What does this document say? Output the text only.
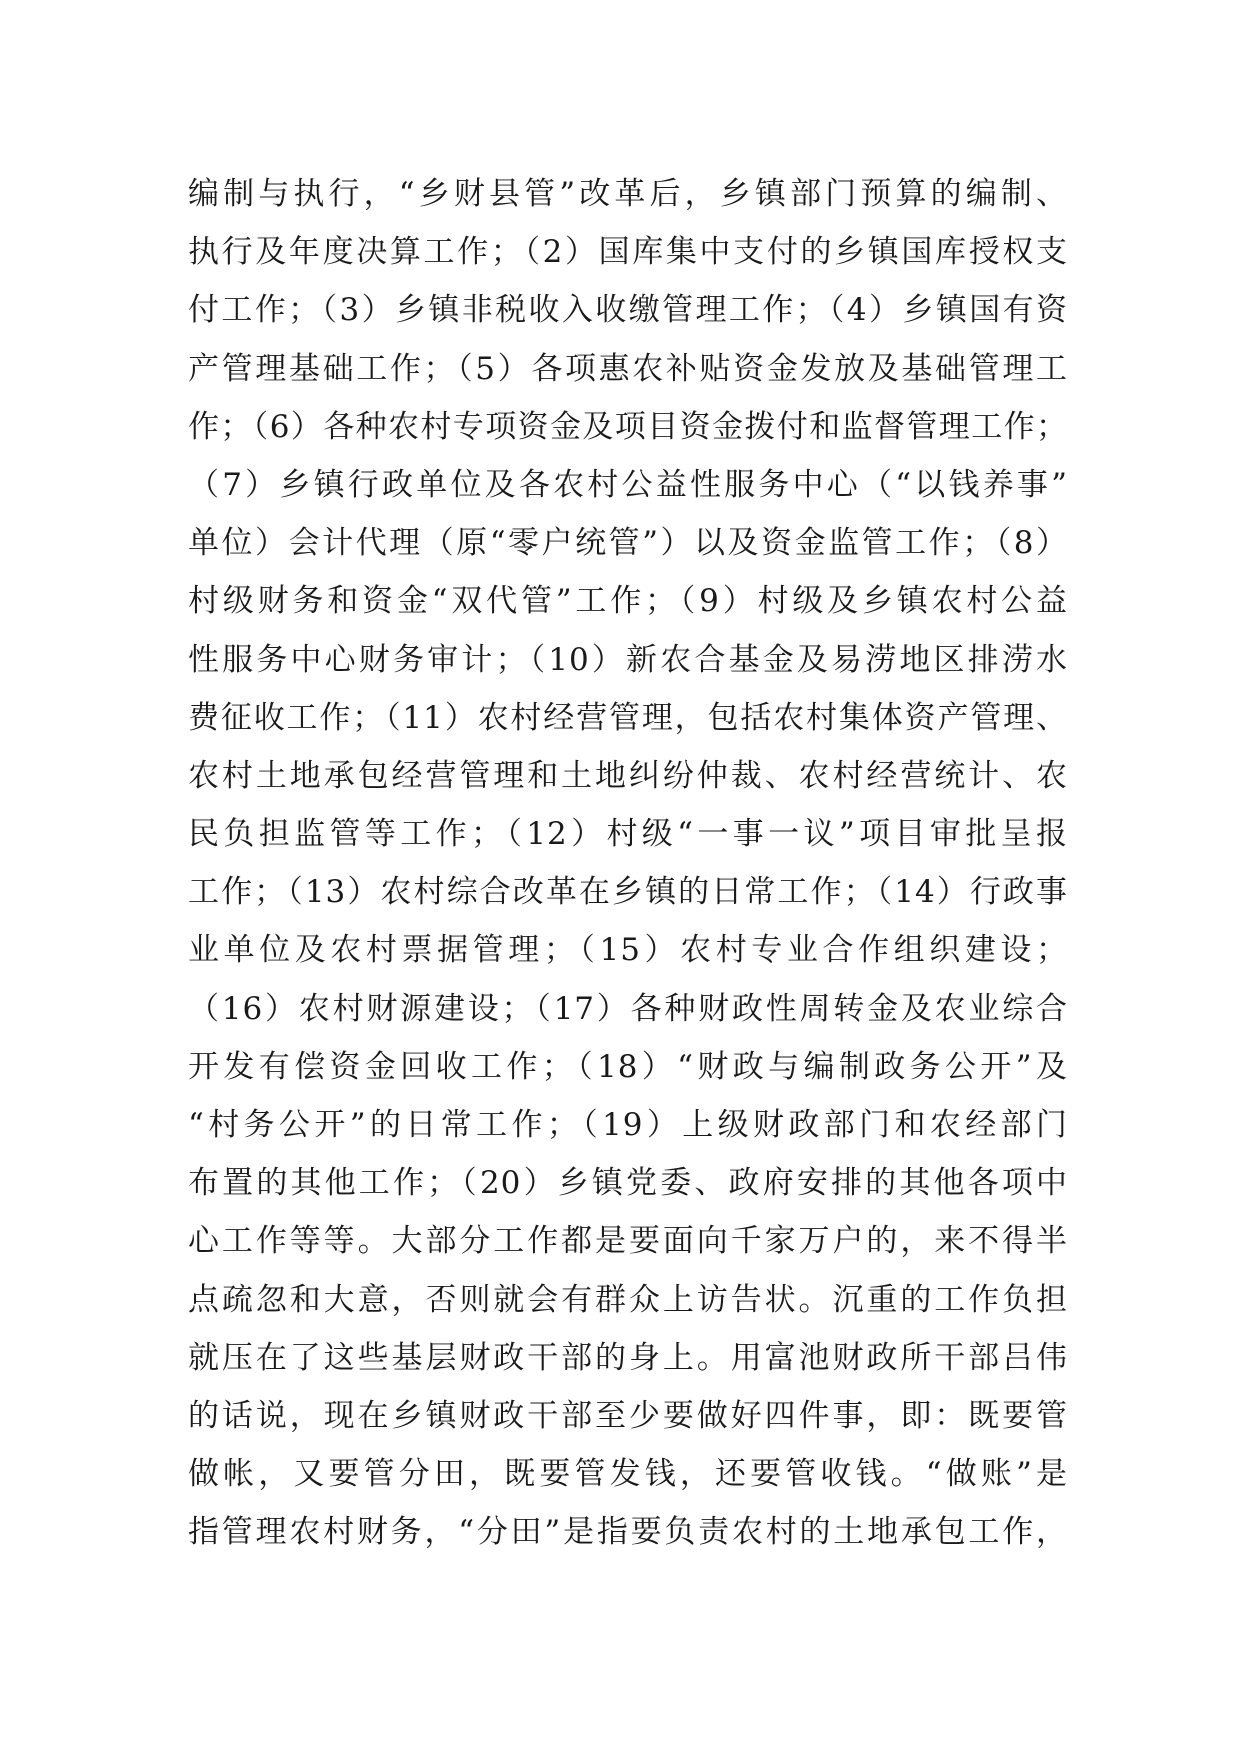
编制与执行，“乡财县管”改革后，乡镇部门预算的编制、
执行及年度决算工作；（2）国库集中支付的乡镇国库授权支
付工作；（3）乡镇非税收入收缴管理工作；（4）乡镇国有资
产管理基础工作；（5）各项惠农补贴资金发放及基础管理工
作；（6）各种农村专项资金及项目资金拨付和监督管理工作；
（7）乡镇行政单位及各农村公益性服务中心（“以钱养事”
单位）会计代理（原“零户统管”）以及资金监管工作；（8）
村级财务和资金“双代管”工作；（9）村级及乡镇农村公益
性服务中心财务审计；（10）新农合基金及易涝地区排涝水
费征收工作；（11）农村经营管理，包括农村集体资产管理、
农村土地承包经营管理和土地纠纷仲裁、农村经营统计、农
民负担监管等工作；（12）村级“一事一议”项目审批呈报
工作；（13）农村综合改革在乡镇的日常工作；（14）行政事
业单位及农村票据管理；（15）农村专业合作组织建设；
（16）农村财源建设；（17）各种财政性周转金及农业综合
开发有偿资金回收工作；（18）“财政与编制政务公开”及
“村务公开”的日常工作；（19）上级财政部门和农经部门
布置的其他工作；（20）乡镇党委、政府安排的其他各项中
心工作等等。大部分工作都是要面向千家万户的，来不得半
点疏忽和大意，否则就会有群众上访告状。沉重的工作负担
就压在了这些基层财政干部的身上。用富池财政所干部吕伟
的话说，现在乡镇财政干部至少要做好四件事，即：既要管
做帐，又要管分田，既要管发钱，还要管收钱。“做账”是
指管理农村财务，“分田”是指要负责农村的土地承包工作，
